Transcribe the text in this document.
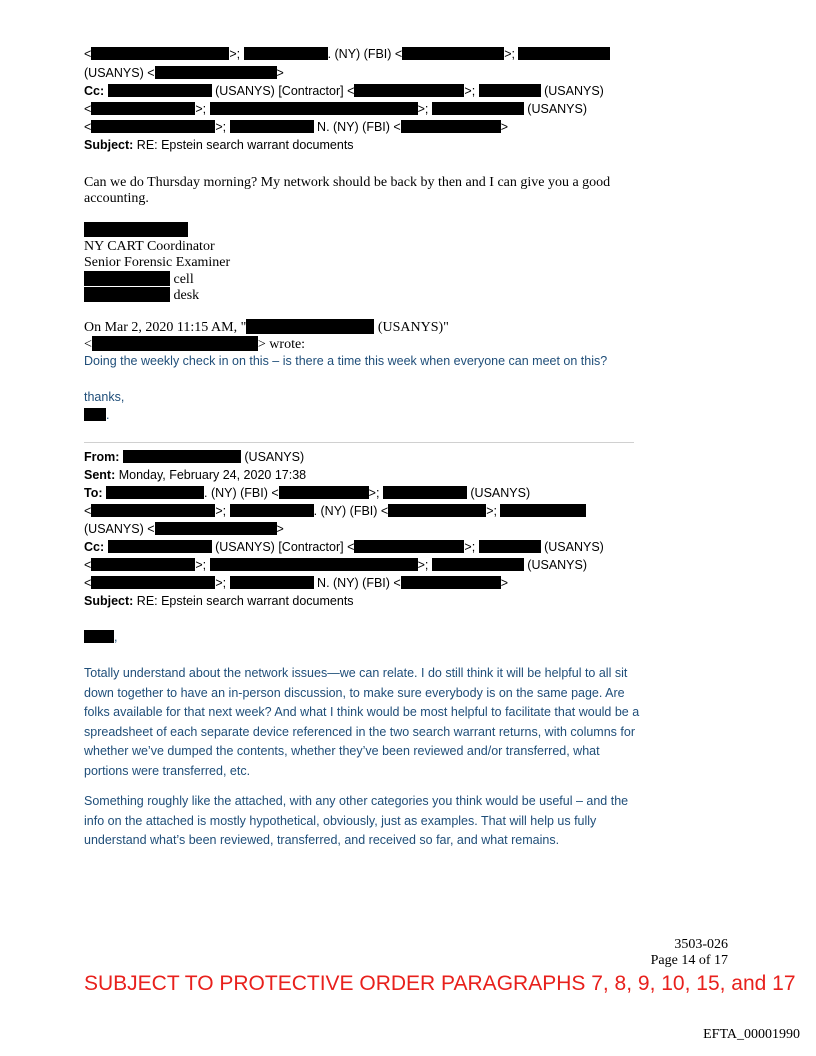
<	>;	. (NY) (FBI) <	>;
(USANYS) <	>
Cc:	(USANYS) [Contractor] <	>;	(USANYS)
<	>;	>;	(USANYS)
<	>;	N. (NY) (FBI) <	>
Subject: RE: Epstein search warrant documents
Can we do Thursday morning? My network should be back by then and I can give you a good
accounting.
NY CART Coordinator
Senior Forensic Examiner
cell
desk
On Mar 2, 2020 11:15 AM, "	(USANYS)"
<	> wrote:
Doing the weekly check in on this – is there a time this week when everyone can meet on this?
thanks,
.
From:	(USANYS)
Sent: Monday, February 24, 2020 17:38
To:	. (NY) (FBI) <	>;	(USANYS)
<	>;	. (NY) (FBI) <	>;
(USANYS) <	>
Cc:	(USANYS) [Contractor] <	>;	(USANYS)
<	>;	>;	(USANYS)
<	>;	N. (NY) (FBI) <	>
Subject: RE: Epstein search warrant documents
,
Totally understand about the network issues—we can relate. I do still think it will be helpful to all sit down together to have an in-person discussion, to make sure everybody is on the same page. Are folks available for that next week? And what I think would be most helpful to facilitate that would be a spreadsheet of each separate device referenced in the two search warrant returns, with columns for whether we’ve dumped the contents, whether they’ve been reviewed and/or transferred, what portions were transferred, etc.
Something roughly like the attached, with any other categories you think would be useful – and the info on the attached is mostly hypothetical, obviously, just as examples. That will help us fully understand what’s been reviewed, transferred, and received so far, and what remains.
3503-026
Page 14 of 17
SUBJECT TO PROTECTIVE ORDER PARAGRAPHS 7, 8, 9, 10, 15, and 17
EFTA_00001990
